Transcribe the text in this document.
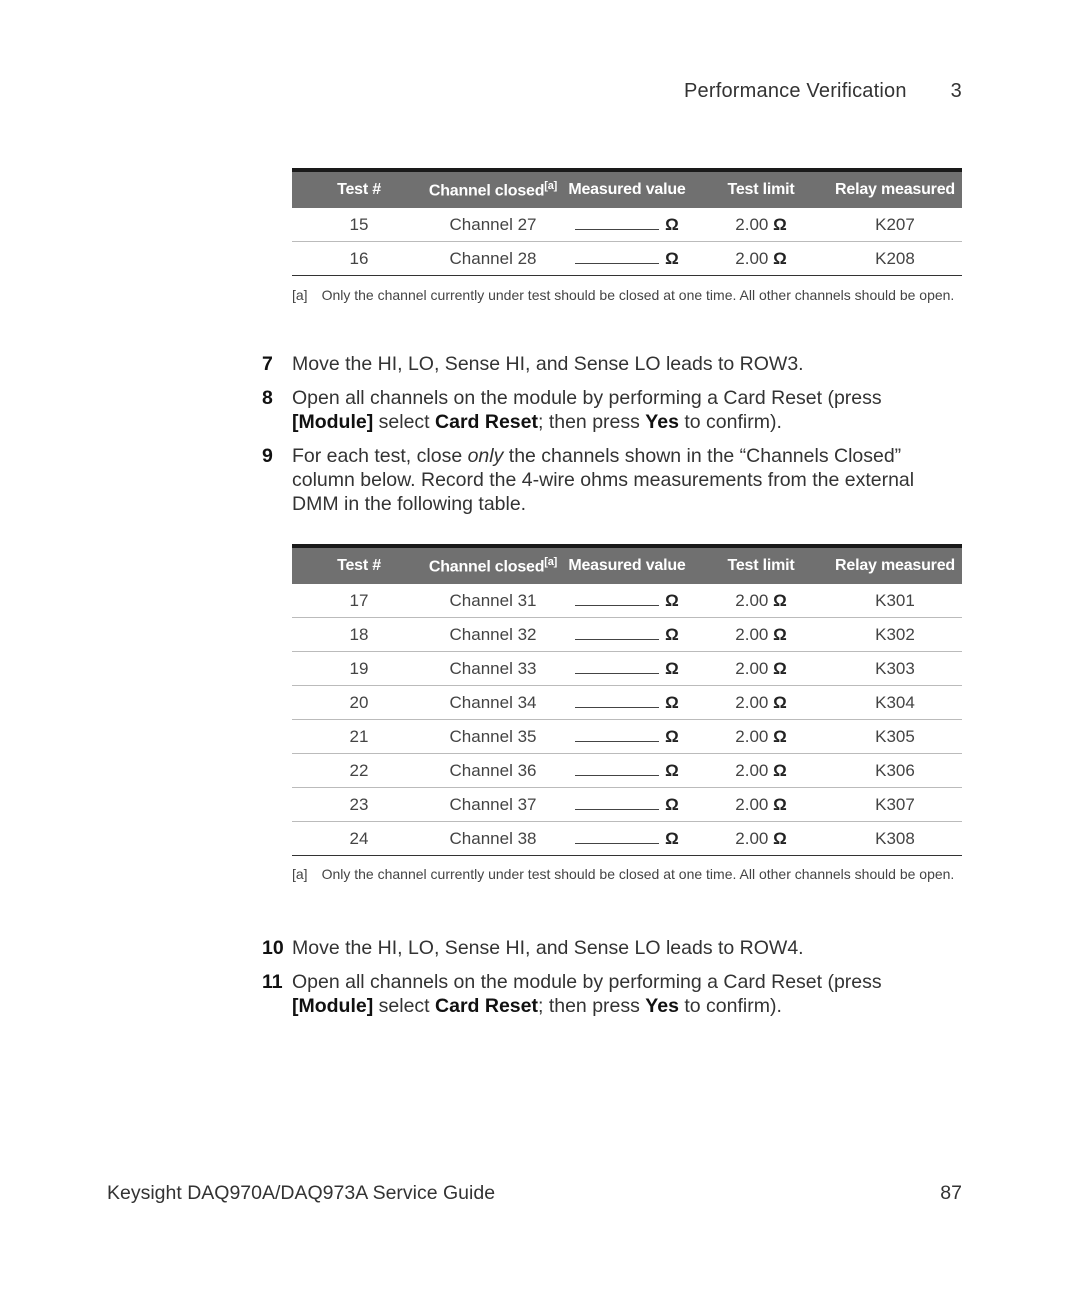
Performance Verification 3
Test #	Channel closed[a]	Measured value	Test limit	Relay measured
15	Channel 27	Ω	2.00 Ω	K207
16	Channel 28	Ω	2.00 Ω	K208
[a] Only the channel currently under test should be closed at one time. All other channels should be open.
7 Move the HI, LO, Sense HI, and Sense LO leads to ROW3.
8 Open all channels on the module by performing a Card Reset (press [Module] select Card Reset; then press Yes to confirm).
9 For each test, close only the channels shown in the “Channels Closed” column below. Record the 4-wire ohms measurements from the external DMM in the following table.
Test #	Channel closed[a]	Measured value	Test limit	Relay measured
17	Channel 31	Ω	2.00 Ω	K301
18	Channel 32	Ω	2.00 Ω	K302
19	Channel 33	Ω	2.00 Ω	K303
20	Channel 34	Ω	2.00 Ω	K304
21	Channel 35	Ω	2.00 Ω	K305
22	Channel 36	Ω	2.00 Ω	K306
23	Channel 37	Ω	2.00 Ω	K307
24	Channel 38	Ω	2.00 Ω	K308
[a] Only the channel currently under test should be closed at one time. All other channels should be open.
10 Move the HI, LO, Sense HI, and Sense LO leads to ROW4.
11 Open all channels on the module by performing a Card Reset (press [Module] select Card Reset; then press Yes to confirm).
Keysight DAQ970A/DAQ973A Service Guide	87
